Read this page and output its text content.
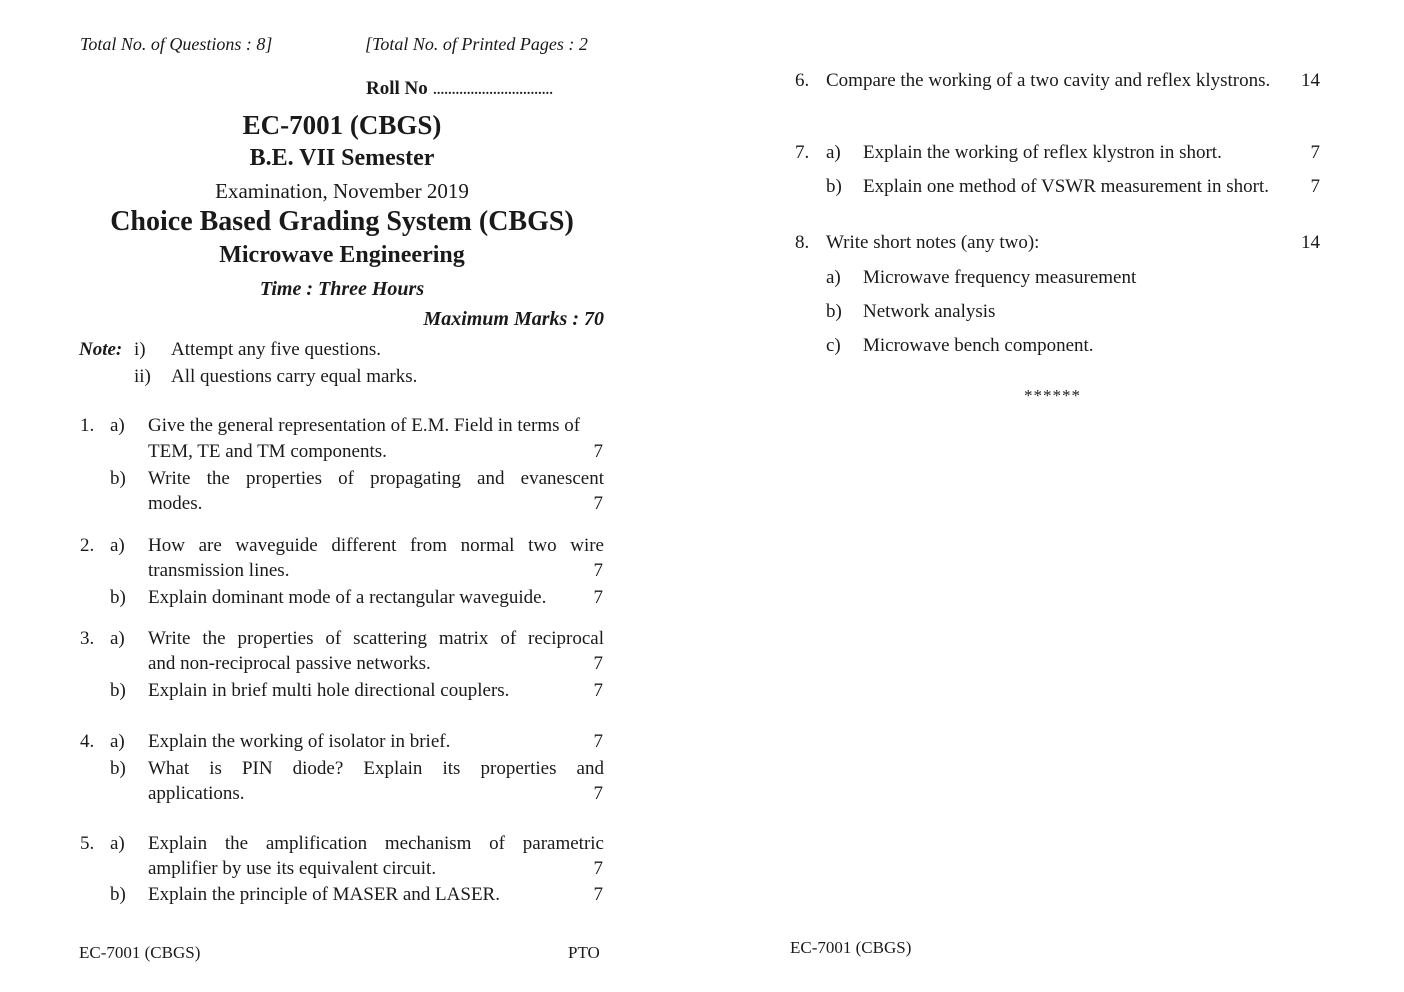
Total No. of Questions : 8]	[Total No. of Printed Pages : 2
Roll No ................................
EC-7001 (CBGS)
B.E. VII Semester
Examination, November 2019
Choice Based Grading System (CBGS)
Microwave Engineering
Time : Three Hours
Maximum Marks : 70
Note: i) Attempt any five questions.
ii) All questions carry equal marks.
1. a) Give the general representation of E.M. Field in terms of
TEM, TE and TM components.	7
b) Write the properties of propagating and evanescent
modes.	7
2. a) How are waveguide different from normal two wire
transmission lines.	7
b) Explain dominant mode of a rectangular waveguide.	7
3. a) Write the properties of scattering matrix of reciprocal
and non-reciprocal passive networks.	7
b) Explain in brief multi hole directional couplers.	7
4. a) Explain the working of isolator in brief.	7
b) What is PIN diode? Explain its properties and
applications.	7
5. a) Explain the amplification mechanism of parametric
amplifier by use its equivalent circuit.	7
b) Explain the principle of MASER and LASER.	7
EC-7001 (CBGS)	PTO
6. Compare the working of a two cavity and reflex klystrons.	14
7. a) Explain the working of reflex klystron in short.	7
b) Explain one method of VSWR measurement in short.	7
8. Write short notes (any two):	14
a) Microwave frequency measurement
b) Network analysis
c) Microwave bench component.
******
EC-7001 (CBGS)
